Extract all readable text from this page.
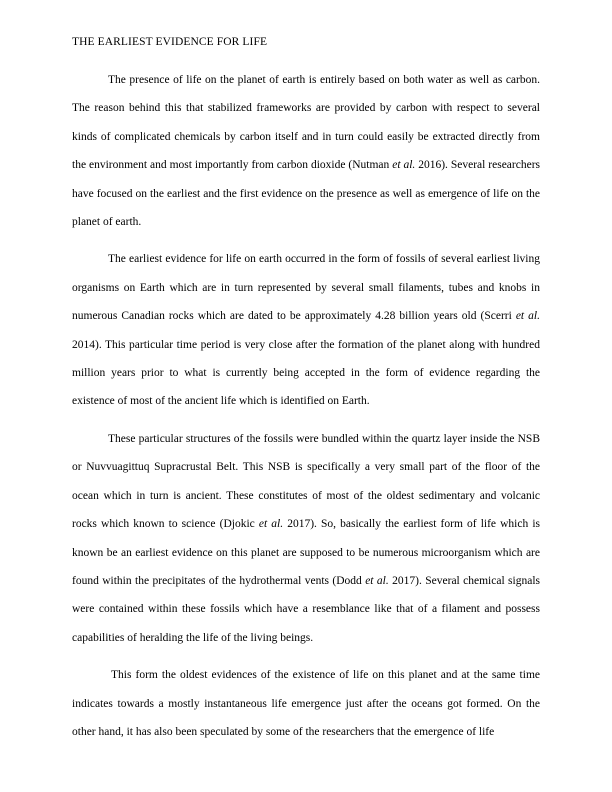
THE EARLIEST EVIDENCE FOR LIFE

The presence of life on the planet of earth is entirely based on both water as well as carbon. The reason behind this that stabilized frameworks are provided by carbon with respect to several kinds of complicated chemicals by carbon itself and in turn could easily be extracted directly from the environment and most importantly from carbon dioxide (Nutman et al. 2016). Several researchers have focused on the earliest and the first evidence on the presence as well as emergence of life on the planet of earth.

The earliest evidence for life on earth occurred in the form of fossils of several earliest living organisms on Earth which are in turn represented by several small filaments, tubes and knobs in numerous Canadian rocks which are dated to be approximately 4.28 billion years old (Scerri et al. 2014). This particular time period is very close after the formation of the planet along with hundred million years prior to what is currently being accepted in the form of evidence regarding the existence of most of the ancient life which is identified on Earth.

These particular structures of the fossils were bundled within the quartz layer inside the NSB or Nuvvuagittuq Supracrustal Belt. This NSB is specifically a very small part of the floor of the ocean which in turn is ancient. These constitutes of most of the oldest sedimentary and volcanic rocks which known to science (Djokic et al. 2017). So, basically the earliest form of life which is known be an earliest evidence on this planet are supposed to be numerous microorganism which are found within the precipitates of the hydrothermal vents (Dodd et al. 2017). Several chemical signals were contained within these fossils which have a resemblance like that of a filament and possess capabilities of heralding the life of the living beings.

This form the oldest evidences of the existence of life on this planet and at the same time indicates towards a mostly instantaneous life emergence just after the oceans got formed. On the other hand, it has also been speculated by some of the researchers that the emergence of life
